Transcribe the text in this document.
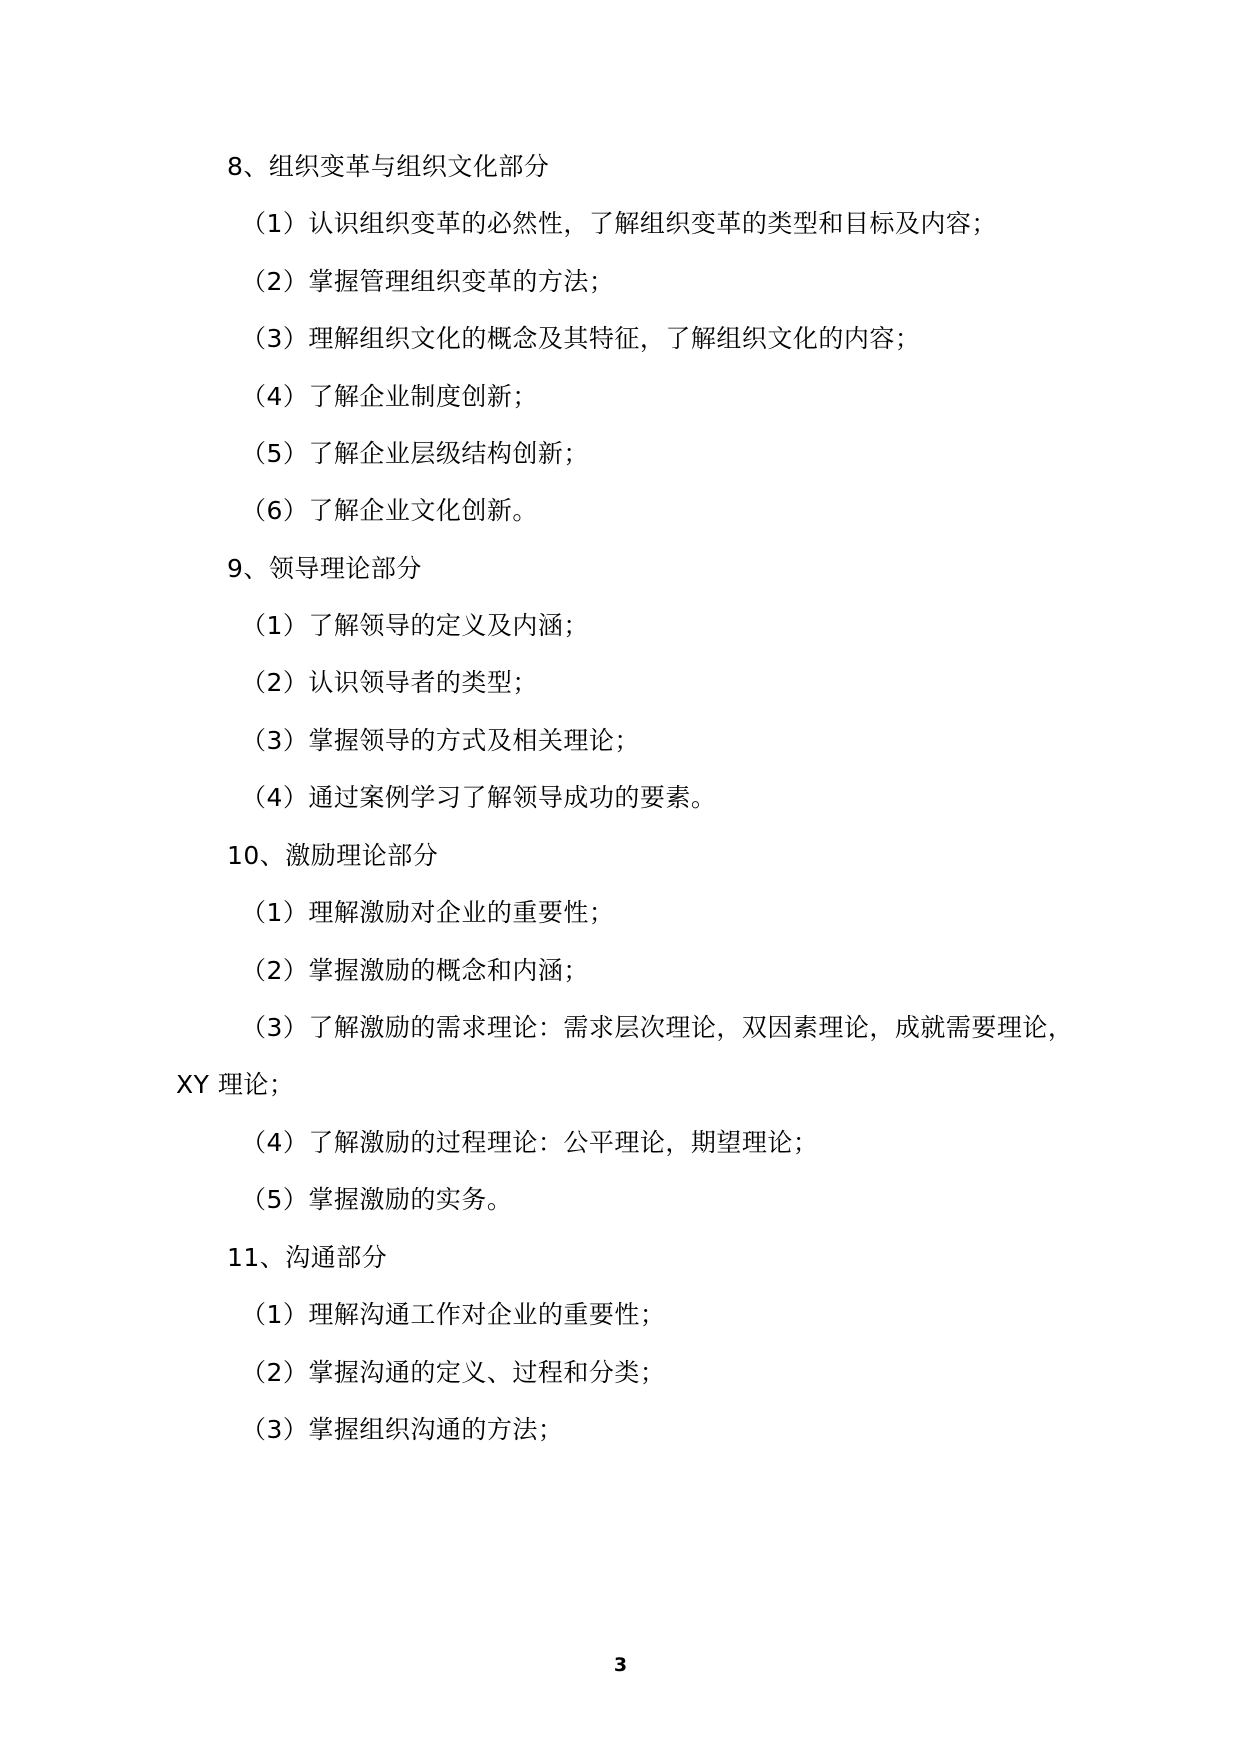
8、组织变革与组织文化部分
（1）认识组织变革的必然性，了解组织变革的类型和目标及内容；
（2）掌握管理组织变革的方法；
（3）理解组织文化的概念及其特征，了解组织文化的内容；
（4）了解企业制度创新；
（5）了解企业层级结构创新；
（6）了解企业文化创新。
9、领导理论部分
（1）了解领导的定义及内涵；
（2）认识领导者的类型；
（3）掌握领导的方式及相关理论；
（4）通过案例学习了解领导成功的要素。
10、激励理论部分
（1）理解激励对企业的重要性；
（2）掌握激励的概念和内涵；
（3）了解激励的需求理论：需求层次理论，双因素理论，成就需要理论，
XY 理论；
（4）了解激励的过程理论：公平理论，期望理论；
（5）掌握激励的实务。
11、沟通部分
（1）理解沟通工作对企业的重要性；
（2）掌握沟通的定义、过程和分类；
（3）掌握组织沟通的方法；
3
